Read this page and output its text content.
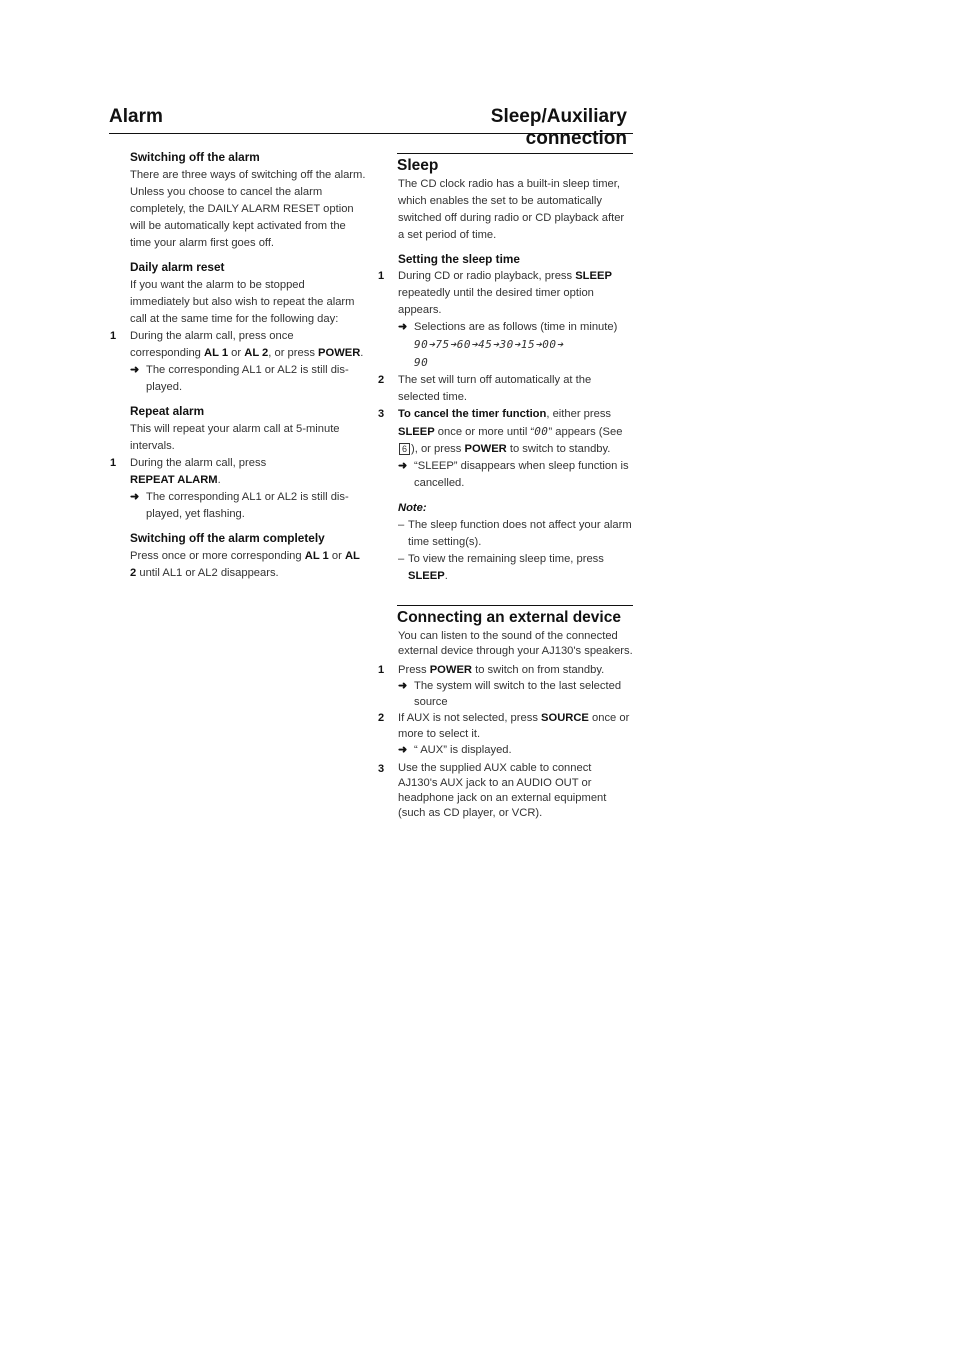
Alarm	Sleep/Auxiliary connection
Switching off the alarm

There are three ways of switching off the alarm. Unless you choose to cancel the alarm completely, the DAILY ALARM RESET option will be automatically kept activated from the time your alarm first goes off.

Daily alarm reset

If you want the alarm to be stopped immediately but also wish to repeat the alarm call at the same time for the following day:

1 During the alarm call, press once corresponding AL 1 or AL 2, or press POWER.

➜ The corresponding AL1 or AL2 is still dis-played.
Repeat alarm

This will repeat your alarm call at 5-minute intervals.

1 During the alarm call, press
REPEAT ALARM.

➜ The corresponding AL1 or AL2 is still dis-played, yet flashing.
Switching off the alarm completely

Press once or more corresponding AL 1 or AL 2 until AL1 or AL2 disappears.

Sleep

The CD clock radio has a built-in sleep timer, which enables the set to be automatically switched off during radio or CD playback after a set period of time.

Setting the sleep time
1 During CD or radio playback, press SLEEP repeatedly until the desired timer option appears.

➜ Selections are as follows (time in minute)
90➔75➔60➔45➔30➔15➔00➔
90
2 The set will turn off automatically at the selected time.

3 To cancel the timer function, either press SLEEP once or more until “00” appears (See 6 ), or press POWER to switch to standby.

➜ “SLEEP” disappears when sleep function is cancelled.
Note:
– The sleep function does not affect your alarm time setting(s).
– To view the remaining sleep time, press SLEEP.
Connecting an external device

You can listen to the sound of the connected external device through your AJ130's speakers.

1 Press POWER to switch on from standby.

➜ The system will switch to the last selected source
2 If AUX is not selected, press SOURCE once or more to select it.

➜ “ AUX” is displayed.
3 Use the supplied AUX cable to connect AJ130's AUX jack to an AUDIO OUT or headphone jack on an external equipment (such as CD player, or VCR).
